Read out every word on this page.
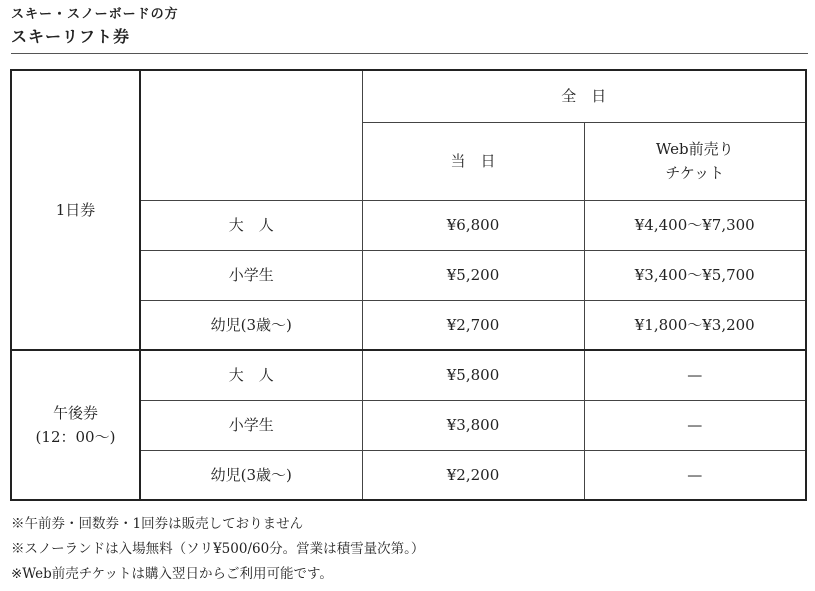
スキー・スノーボードの方
スキーリフト券
1日券		全　日	
		当　日	Web前売り
チケット
	大　人	¥6,800	¥4,400〜¥7,300
	小学生	¥5,200	¥3,400〜¥5,700
	幼児(3歳〜)	¥2,700	¥1,800〜¥3,200
午後券
(12：00〜)	大　人	¥5,800	—
	小学生	¥3,800	—
	幼児(3歳〜)	¥2,200	—
※午前券・回数券・1回券は販売しておりません
※スノーランドは入場無料（ソリ¥500/60分。営業は積雪量次第。）
※Web前売チケットは購入翌日からご利用可能です。
